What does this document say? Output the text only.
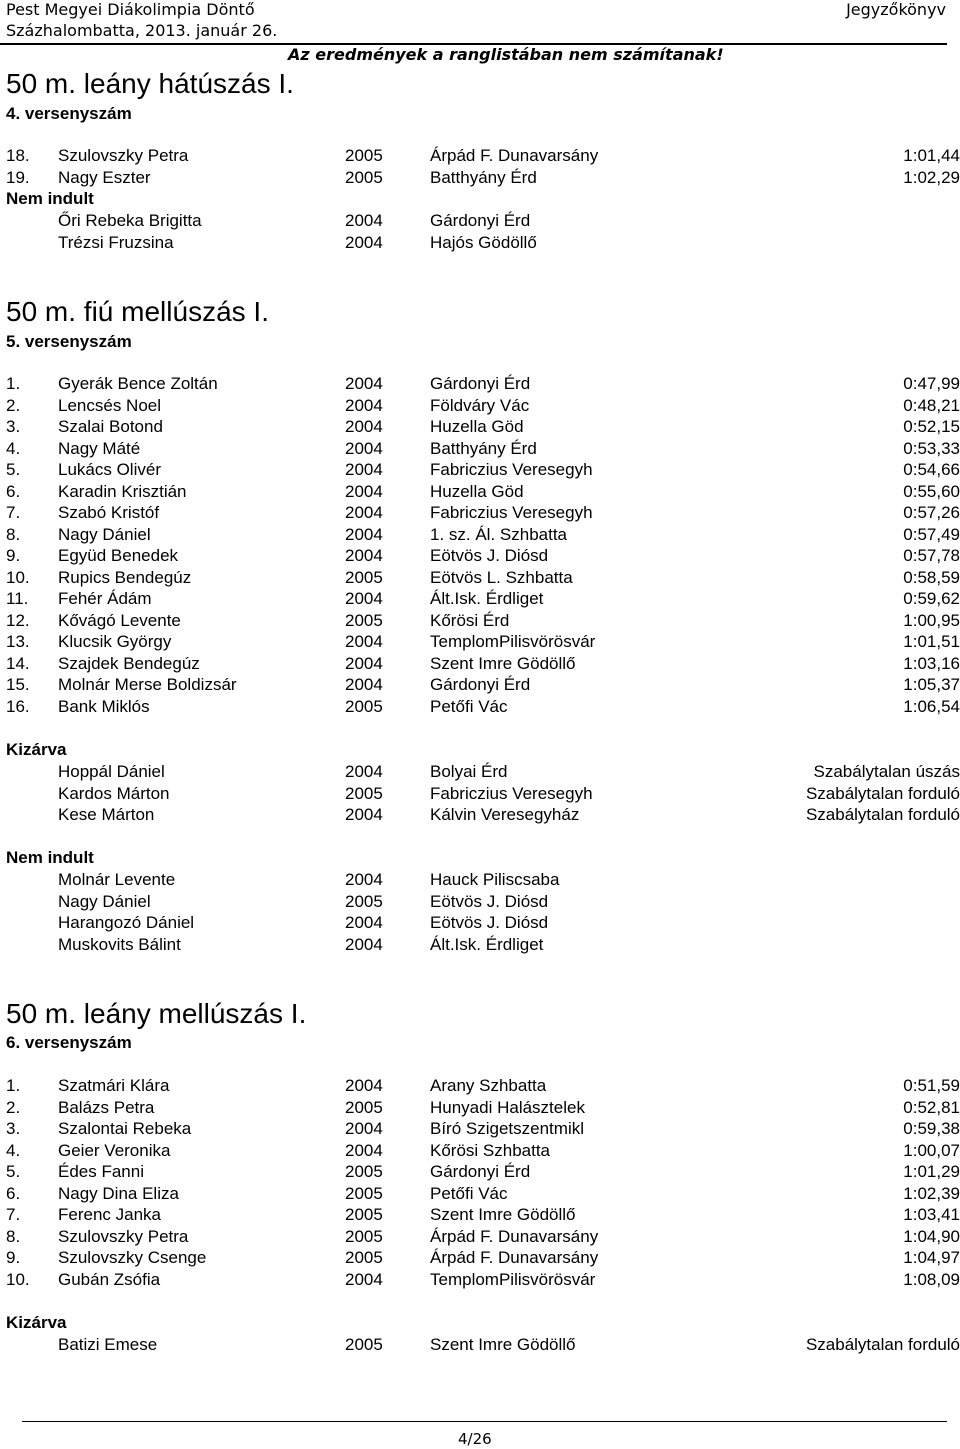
Pest Megyei Diákolimpia Döntő
Százhalombatta, 2013. január 26.
Jegyzőkönyv
Az eredmények a ranglistában nem számítanak!
50 m. leány hátúszás I.
4. versenyszám
Nem indult
50 m. fiú mellúszás I.
5. versenyszám
Kizárva
Nem indult
50 m. leány mellúszás I.
6. versenyszám
Kizárva
4/26
18. Szulovszky Petra	2005	Árpád F. Dunavarsány	1:01,44
19. Nagy Eszter	2005	Batthyány Érd	1:02,29
Őri Rebeka Brigitta	2004	Gárdonyi Érd
Trézsi Fruzsina	2004	Hajós Gödöllő
1. Gyerák Bence Zoltán	2004	Gárdonyi Érd	0:47,99
2. Lencsés Noel	2004	Földváry Vác	0:48,21
3. Szalai Botond	2004	Huzella Göd	0:52,15
4. Nagy Máté	2004	Batthyány Érd	0:53,33
5. Lukács Olivér	2004	Fabriczius Veresegyh	0:54,66
6. Karadin Krisztián	2004	Huzella Göd	0:55,60
7. Szabó Kristóf	2004	Fabriczius Veresegyh	0:57,26
8. Nagy Dániel	2004	1. sz. Ál. Szhbatta	0:57,49
9. Együd Benedek	2004	Eötvös J. Diósd	0:57,78
10. Rupics Bendegúz	2005	Eötvös L. Szhbatta	0:58,59
11. Fehér Ádám	2004	Ált.Isk. Érdliget	0:59,62
12. Kővágó Levente	2005	Kőrösi Érd	1:00,95
13. Klucsik György	2004	TemplomPilisvörösvár	1:01,51
14. Szajdek Bendegúz	2004	Szent Imre Gödöllő	1:03,16
15. Molnár Merse Boldizsár	2004	Gárdonyi Érd	1:05,37
16. Bank Miklós	2005	Petőfi Vác	1:06,54
Hoppál Dániel	2004	Bolyai Érd	Szabálytalan úszás
Kardos Márton	2005	Fabriczius Veresegyh	Szabálytalan forduló
Kese Márton	2004	Kálvin Veresegyház	Szabálytalan forduló
Molnár Levente	2004	Hauck Piliscsaba
Nagy Dániel	2005	Eötvös J. Diósd
Harangozó Dániel	2004	Eötvös J. Diósd
Muskovits Bálint	2004	Ált.Isk. Érdliget
1. Szatmári Klára	2004	Arany Szhbatta	0:51,59
2. Balázs Petra	2005	Hunyadi Halásztelek	0:52,81
3. Szalontai Rebeka	2004	Bíró Szigetszentmikl	0:59,38
4. Geier Veronika	2004	Kőrösi Szhbatta	1:00,07
5. Édes Fanni	2005	Gárdonyi Érd	1:01,29
6. Nagy Dina Eliza	2005	Petőfi Vác	1:02,39
7. Ferenc Janka	2005	Szent Imre Gödöllő	1:03,41
8. Szulovszky Petra	2005	Árpád F. Dunavarsány	1:04,90
9. Szulovszky Csenge	2005	Árpád F. Dunavarsány	1:04,97
10. Gubán Zsófia	2004	TemplomPilisvörösvár	1:08,09
Batizi Emese	2005	Szent Imre Gödöllő	Szabálytalan forduló
